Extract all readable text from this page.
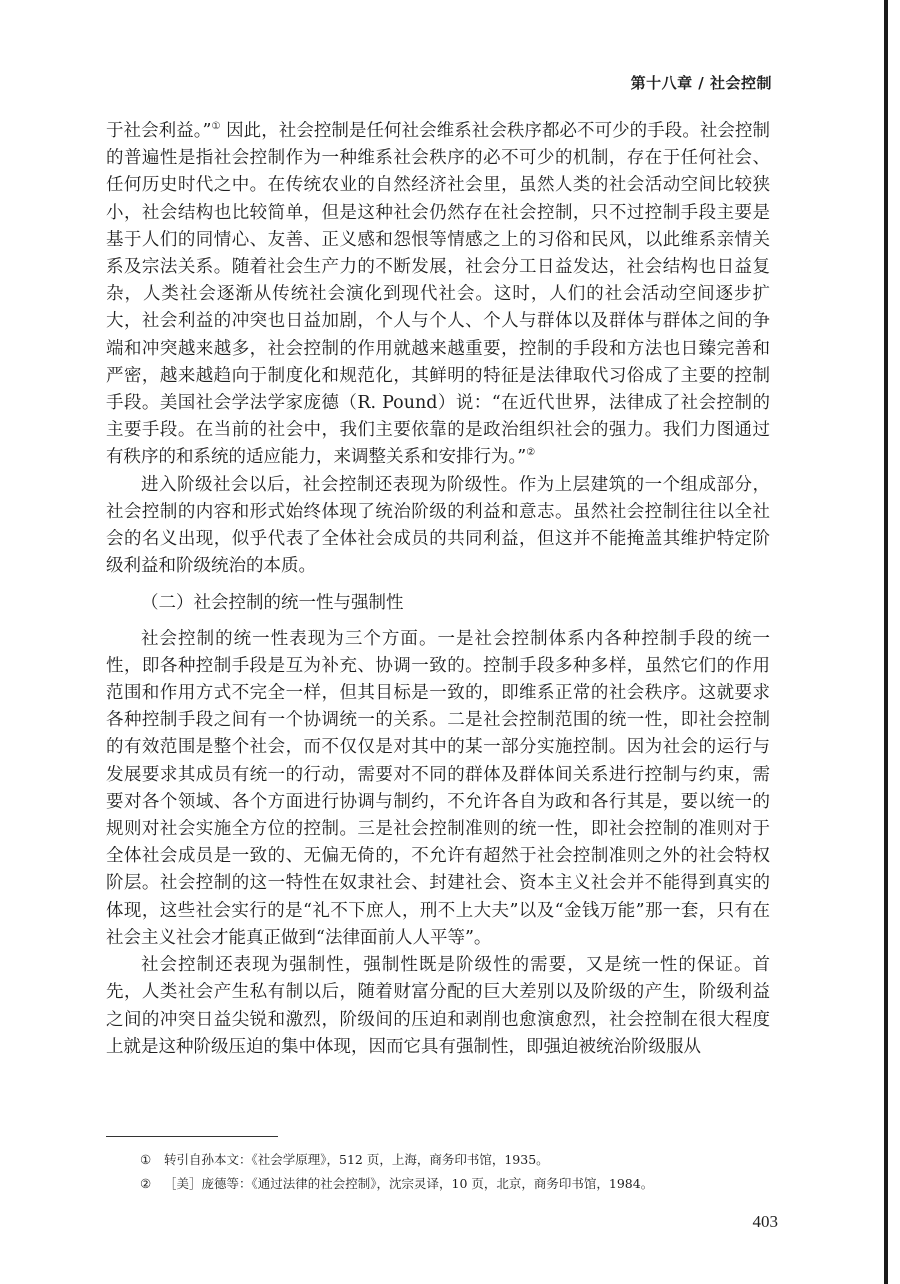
第十八章 / 社会控制

于社会利益。”① 因此，社会控制是任何社会维系社会秩序都必不可少的手段。社会控制的普遍性是指社会控制作为一种维系社会秩序的必不可少的机制，存在于任何社会、任何历史时代之中。在传统农业的自然经济社会里，虽然人类的社会活动空间比较狭小，社会结构也比较简单，但是这种社会仍然存在社会控制，只不过控制手段主要是基于人们的同情心、友善、正义感和怨恨等情感之上的习俗和民风，以此维系亲情关系及宗法关系。随着社会生产力的不断发展，社会分工日益发达，社会结构也日益复杂，人类社会逐渐从传统社会演化到现代社会。这时，人们的社会活动空间逐步扩大，社会利益的冲突也日益加剧，个人与个人、个人与群体以及群体与群体之间的争端和冲突越来越多，社会控制的作用就越来越重要，控制的手段和方法也日臻完善和严密，越来越趋向于制度化和规范化，其鲜明的特征是法律取代习俗成了主要的控制手段。美国社会学法学家庞德（R. Pound）说：“在近代世界，法律成了社会控制的主要手段。在当前的社会中，我们主要依靠的是政治组织社会的强力。我们力图通过有秩序的和系统的适应能力，来调整关系和安排行为。”②

进入阶级社会以后，社会控制还表现为阶级性。作为上层建筑的一个组成部分，社会控制的内容和形式始终体现了统治阶级的利益和意志。虽然社会控制往往以全社会的名义出现，似乎代表了全体社会成员的共同利益，但这并不能掩盖其维护特定阶级利益和阶级统治的本质。

（二）社会控制的统一性与强制性

社会控制的统一性表现为三个方面。一是社会控制体系内各种控制手段的统一性，即各种控制手段是互为补充、协调一致的。控制手段多种多样，虽然它们的作用范围和作用方式不完全一样，但其目标是一致的，即维系正常的社会秩序。这就要求各种控制手段之间有一个协调统一的关系。二是社会控制范围的统一性，即社会控制的有效范围是整个社会，而不仅仅是对其中的某一部分实施控制。因为社会的运行与发展要求其成员有统一的行动，需要对不同的群体及群体间关系进行控制与约束，需要对各个领域、各个方面进行协调与制约，不允许各自为政和各行其是，要以统一的规则对社会实施全方位的控制。三是社会控制准则的统一性，即社会控制的准则对于全体社会成员是一致的、无偏无倚的，不允许有超然于社会控制准则之外的社会特权阶层。社会控制的这一特性在奴隶社会、封建社会、资本主义社会并不能得到真实的体现，这些社会实行的是“礼不下庶人，刑不上大夫”以及“金钱万能”那一套，只有在社会主义社会才能真正做到“法律面前人人平等”。

社会控制还表现为强制性，强制性既是阶级性的需要，又是统一性的保证。首先，人类社会产生私有制以后，随着财富分配的巨大差别以及阶级的产生，阶级利益之间的冲突日益尖锐和激烈，阶级间的压迫和剥削也愈演愈烈，社会控制在很大程度上就是这种阶级压迫的集中体现，因而它具有强制性，即强迫被统治阶级服从

① 转引自孙本文：《社会学原理》，512 页，上海，商务印书馆，1935。
② ［美］庞德等：《通过法律的社会控制》，沈宗灵译，10 页，北京，商务印书馆，1984。
403
